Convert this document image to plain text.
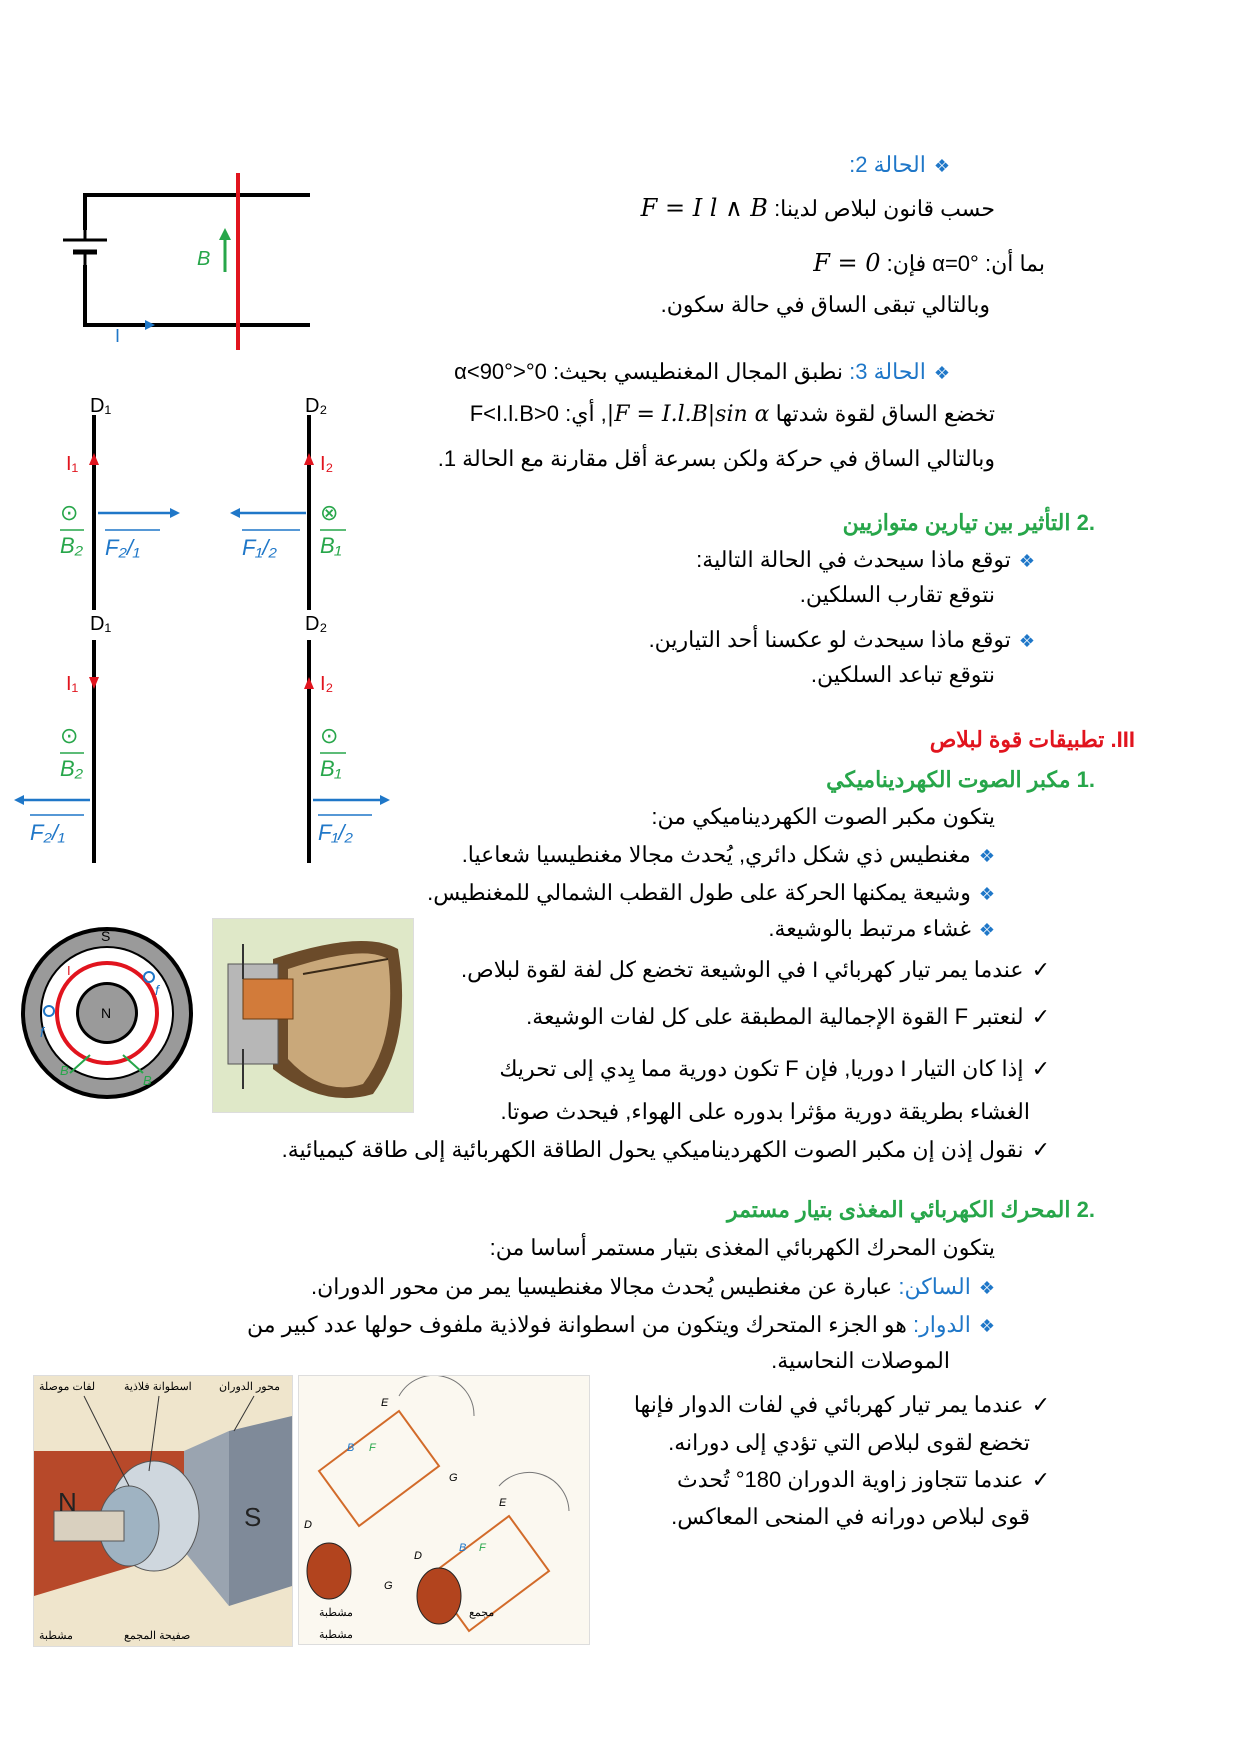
❖الحالة 2:
حسب قانون لبلاص لدينا: F = I l ∧ B
بما أن: α=0° فإن: F = 0
وبالتالي تبقى الساق في حالة سكون.
B
I
❖الحالة 3: نطبق المجال المغنطيسي بحيث: 0°<α<90°
تخضع الساق لقوة شدتها F = I.l.B|sin α|, أي: 0<F<I.l.B
وبالتالي الساق في حركة ولكن بسرعة أقل مقارنة مع الحالة 1.
.2 التأثير بين تيارين متوازيين
❖توقع ماذا سيحدث في الحالة التالية:
نتوقع تقارب السلكين.
❖توقع ماذا سيحدث لو عكسنا أحد التيارين.
نتوقع تباعد السلكين.
D₁	D₂
I₁	I₂
⊙	⊗
B₂	B₁
F₂/₁	F₁/₂
D₁	D₂
I₁	I₂
⊙	⊙
B₂	B₁
F₂/₁	F₁/₂
III. تطبيقات قوة لبلاص
.1 مكبر الصوت الكهرديناميكي
يتكون مكبر الصوت الكهرديناميكي من:
❖مغنطيس ذي شكل دائري, يُحدث مجالا مغنطيسيا شعاعيا.
❖وشيعة يمكنها الحركة على طول القطب الشمالي للمغنطيس.
❖غشاء مرتبط بالوشيعة.
✓عندما يمر تيار كهربائي I في الوشيعة تخضع كل لفة لقوة لبلاص.
✓لنعتبر F القوة الإجمالية المطبقة على كل لفات الوشيعة.
✓إذا كان التيار I دوريا, فإن F تكون دورية مما يِدي إلى تحريك
الغشاء بطريقة دورية مؤثرا بدوره على الهواء, فيحدث صوتا.
✓نقول إذن إن مكبر الصوت الكهرديناميكي يحول الطاقة الكهربائية إلى طاقة كيميائية.
N
S
I
f
f
B
B
.2 المحرك الكهربائي المغذى بتيار مستمر
يتكون المحرك الكهربائي المغذى بتيار مستمر أساسا من:
❖الساكن: عبارة عن مغنطيس يُحدث مجالا مغنطيسيا يمر من محور الدوران.
❖الدوار: هو الجزء المتحرك ويتكون من اسطوانة فولاذية ملفوف حولها عدد كبير من
الموصلات النحاسية.
✓عندما يمر تيار كهربائي في لفات الدوار فإنها
تخضع لقوى لبلاص التي تؤدي إلى دورانه.
✓عندما تتجاوز زاوية الدوران 180° تُحدث
قوى لبلاص دورانه في المنحى المعاكس.
N	S
لفات موصلة	اسطوانة فلاذية محور الدوران
مشطبة	صفيحة المجمع
E
E
D
D
G
G
B
B
F
F
مشطبة
مشطبة
مجمع
